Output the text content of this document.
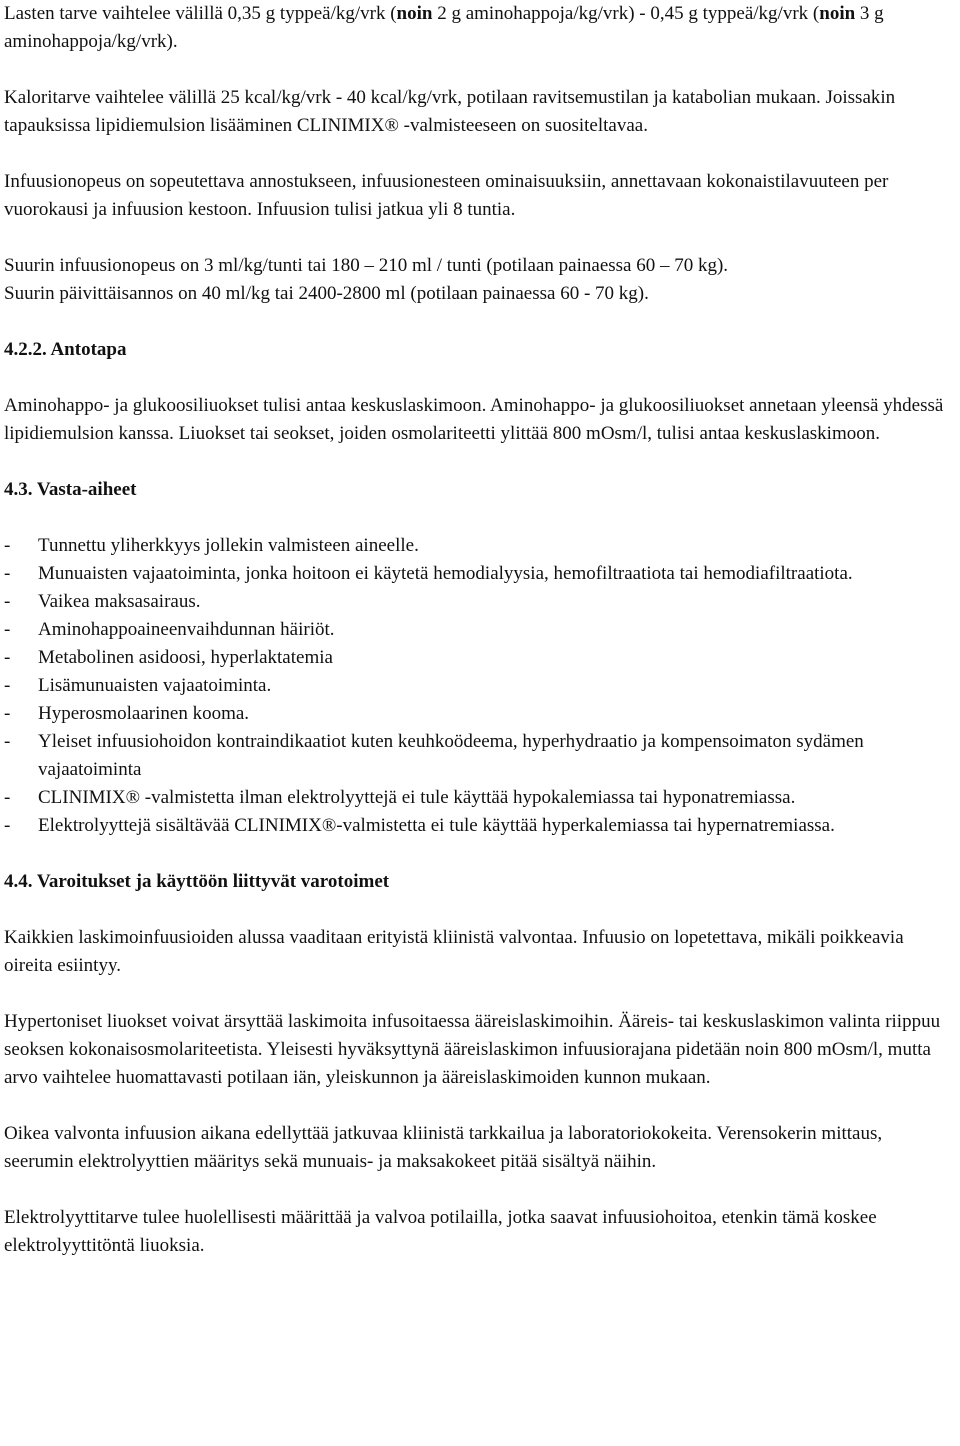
Lasten tarve vaihtelee välillä 0,35 g typpeä/kg/vrk (noin 2 g aminohappoja/kg/vrk) - 0,45 g typpeä/kg/vrk (noin 3 g aminohappoja/kg/vrk).

Kaloritarve vaihtelee välillä 25 kcal/kg/vrk - 40 kcal/kg/vrk, potilaan ravitsemustilan ja katabolian mukaan. Joissakin tapauksissa lipidiemulsion lisääminen CLINIMIX® -valmisteeseen on suositeltavaa.

Infuusionopeus on sopeutettava annostukseen, infuusionesteen ominaisuuksiin, annettavaan kokonaistilavuuteen per vuorokausi ja infuusion kestoon. Infuusion tulisi jatkua yli 8 tuntia.

Suurin infuusionopeus on 3 ml/kg/tunti tai 180 – 210 ml / tunti (potilaan painaessa 60 – 70 kg).

Suurin päivittäisannos on 40 ml/kg tai 2400-2800 ml (potilaan painaessa 60 - 70 kg).

4.2.2. Antotapa

Aminohappo- ja glukoosiliuokset tulisi antaa keskuslaskimoon. Aminohappo- ja glukoosiliuokset annetaan yleensä yhdessä lipidiemulsion kanssa. Liuokset tai seokset, joiden osmolariteetti ylittää 800 mOsm/l, tulisi antaa keskuslaskimoon.

4.3. Vasta-aiheet

- Tunnettu yliherkkyys jollekin valmisteen aineelle.
- Munuaisten vajaatoiminta, jonka hoitoon ei käytetä hemodialyysia, hemofiltraatiota tai hemodiafiltraatiota.
- Vaikea maksasairaus.
- Aminohappoaineenvaihdunnan häiriöt.
- Metabolinen asidoosi, hyperlaktatemia
- Lisämunuaisten vajaatoiminta.
- Hyperosmolaarinen kooma.
- Yleiset infuusiohoidon kontraindikaatiot kuten keuhkoödeema, hyperhydraatio ja kompensoimaton sydämen vajaatoiminta
- CLINIMIX® -valmistetta ilman elektrolyyttejä ei tule käyttää hypokalemiassa tai hyponatremiassa.
- Elektrolyyttejä sisältävää CLINIMIX®-valmistetta ei tule käyttää hyperkalemiassa tai hypernatremiassa.

4.4. Varoitukset ja käyttöön liittyvät varotoimet

Kaikkien laskimoinfuusioiden alussa vaaditaan erityistä kliinistä valvontaa. Infuusio on lopetettava, mikäli poikkeavia oireita esiintyy.

Hypertoniset liuokset voivat ärsyttää laskimoita infusoitaessa ääreislaskimoihin. Ääreis- tai keskuslaskimon valinta riippuu seoksen kokonaisosmolariteetista. Yleisesti hyväksyttynä ääreislaskimon infuusiorajana pidetään noin 800 mOsm/l, mutta arvo vaihtelee huomattavasti potilaan iän, yleiskunnon ja ääreislaskimoiden kunnon mukaan.

Oikea valvonta infuusion aikana edellyttää jatkuvaa kliinistä tarkkailua ja laboratoriokokeita. Verensokerin mittaus, seerumin elektrolyyttien määritys sekä munuais- ja maksakokeet pitää sisältyä näihin.

Elektrolyyttitarve tulee huolellisesti määrittää ja valvoa potilailla, jotka saavat infuusiohoitoa, etenkin tämä koskee elektrolyyttitöntä liuoksia.
